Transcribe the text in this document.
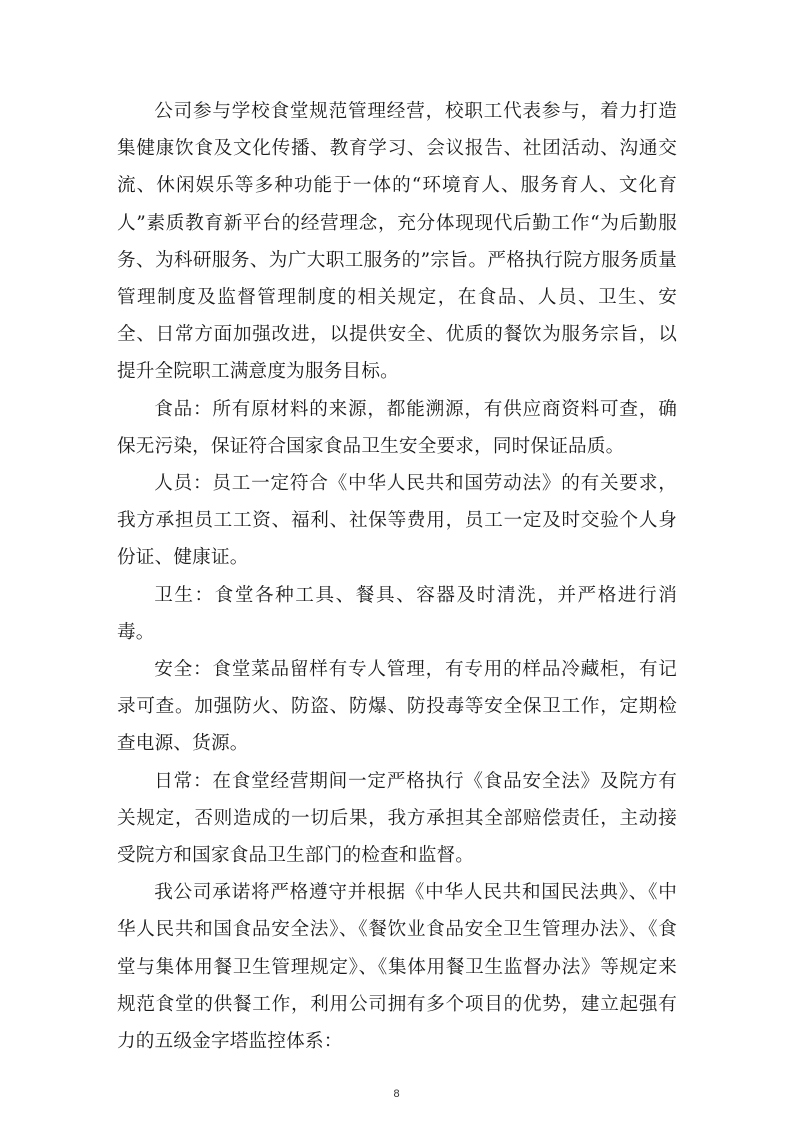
公司参与学校食堂规范管理经营，校职工代表参与，着力打造集健康饮食及文化传播、教育学习、会议报告、社团活动、沟通交流、休闲娱乐等多种功能于一体的“环境育人、服务育人、文化育人”素质教育新平台的经营理念，充分体现现代后勤工作“为后勤服务、为科研服务、为广大职工服务的”宗旨。严格执行院方服务质量管理制度及监督管理制度的相关规定，在食品、人员、卫生、安全、日常方面加强改进，以提供安全、优质的餐饮为服务宗旨，以提升全院职工满意度为服务目标。

食品：所有原材料的来源，都能溯源，有供应商资料可查，确保无污染，保证符合国家食品卫生安全要求，同时保证品质。

人员：员工一定符合《中华人民共和国劳动法》的有关要求，我方承担员工工资、福利、社保等费用，员工一定及时交验个人身份证、健康证。

卫生：食堂各种工具、餐具、容器及时清洗，并严格进行消毒。

安全：食堂菜品留样有专人管理，有专用的样品冷藏柜，有记录可查。加强防火、防盗、防爆、防投毒等安全保卫工作，定期检查电源、货源。

日常：在食堂经营期间一定严格执行《食品安全法》及院方有关规定，否则造成的一切后果，我方承担其全部赔偿责任，主动接受院方和国家食品卫生部门的检查和监督。

我公司承诺将严格遵守并根据《中华人民共和国民法典》、《中华人民共和国食品安全法》、《餐饮业食品安全卫生管理办法》、《食堂与集体用餐卫生管理规定》、《集体用餐卫生监督办法》等规定来规范食堂的供餐工作，利用公司拥有多个项目的优势，建立起强有力的五级金字塔监控体系：

8
